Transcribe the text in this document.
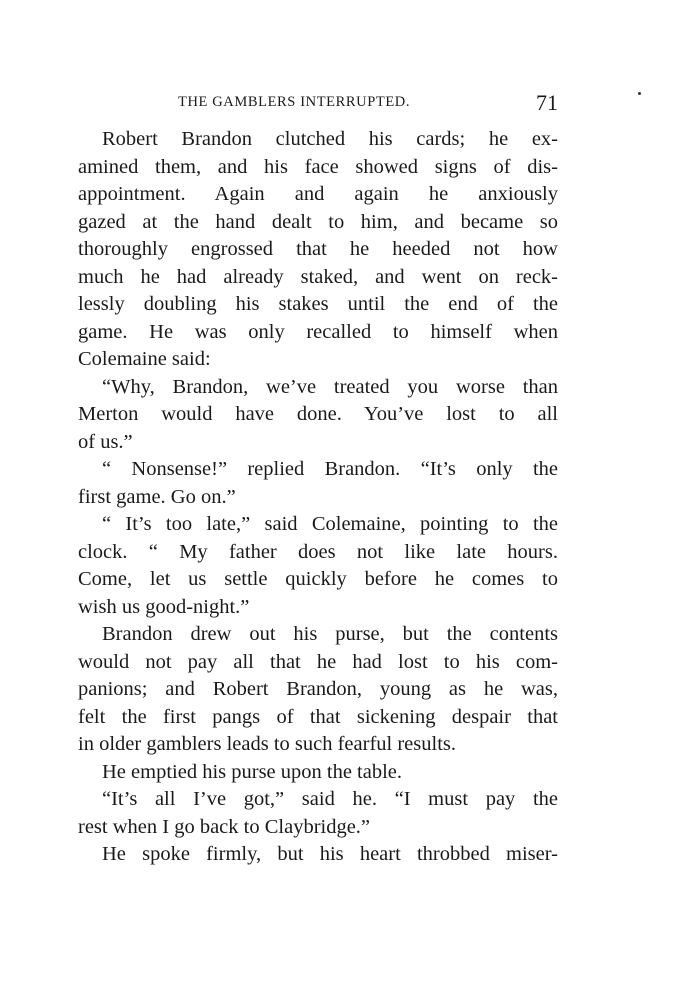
THE GAMBLERS INTERRUPTED.	71
Robert Brandon clutched his cards; he ex-
amined them, and his face showed signs of dis-
appointment. Again and again he anxiously
gazed at the hand dealt to him, and became so
thoroughly engrossed that he heeded not how
much he had already staked, and went on reck-
lessly doubling his stakes until the end of the
game. He was only recalled to himself when
Colemaine said:
“Why, Brandon, we’ve treated you worse than
Merton would have done. You’ve lost to all
of us.”
“ Nonsense!” replied Brandon. “It’s only the
first game. Go on.”
“ It’s too late,” said Colemaine, pointing to the
clock. “ My father does not like late hours.
Come, let us settle quickly before he comes to
wish us good-night.”
Brandon drew out his purse, but the contents
would not pay all that he had lost to his com-
panions; and Robert Brandon, young as he was,
felt the first pangs of that sickening despair that
in older gamblers leads to such fearful results.
He emptied his purse upon the table.
“It’s all I’ve got,” said he. “I must pay the
rest when I go back to Claybridge.”
He spoke firmly, but his heart throbbed miser-
